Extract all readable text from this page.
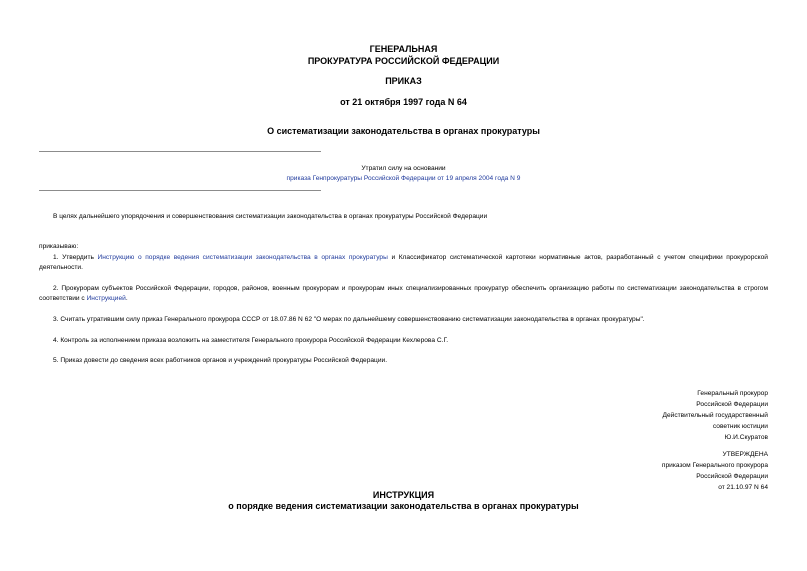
ГЕНЕРАЛЬНАЯ
ПРОКУРАТУРА РОССИЙСКОЙ ФЕДЕРАЦИИ
ПРИКАЗ
от 21 октября 1997 года N 64
О систематизации законодательства в органах прокуратуры
Утратил силу на основании
приказа Генпрокуратуры Российской Федерации от 19 апреля 2004 года N 9
В целях дальнейшего упорядочения и совершенствования систематизации законодательства в органах прокуратуры Российской Федерации
приказываю:
1. Утвердить Инструкцию о порядке ведения систематизации законодательства в органах прокуратуры и Классификатор систематической картотеки нормативные актов, разработанный с учетом специфики прокурорской деятельности.
2. Прокурорам субъектов Российской Федерации, городов, районов, военным прокурорам и прокурорам иных специализированных прокуратур обеспечить организацию работы по систематизации законодательства в строгом соответствии с Инструкцией.
3. Считать утратившим силу приказ Генерального прокурора СССР от 18.07.86 N 62 "О мерах по дальнейшему совершенствованию систематизации законодательства в органах прокуратуры".
4. Контроль за исполнением приказа возложить на заместителя Генерального прокурора Российской Федерации Кехлерова С.Г.
5. Приказ довести до сведения всех работников органов и учреждений прокуратуры Российской Федерации.
Генеральный прокурор
Российской Федерации
Действительный государственный
советник юстиции
Ю.И.Скуратов
УТВЕРЖДЕНА
приказом Генерального прокурора
Российской Федерации
от 21.10.97 N 64
ИНСТРУКЦИЯ
о порядке ведения систематизации законодательства в органах прокуратуры
